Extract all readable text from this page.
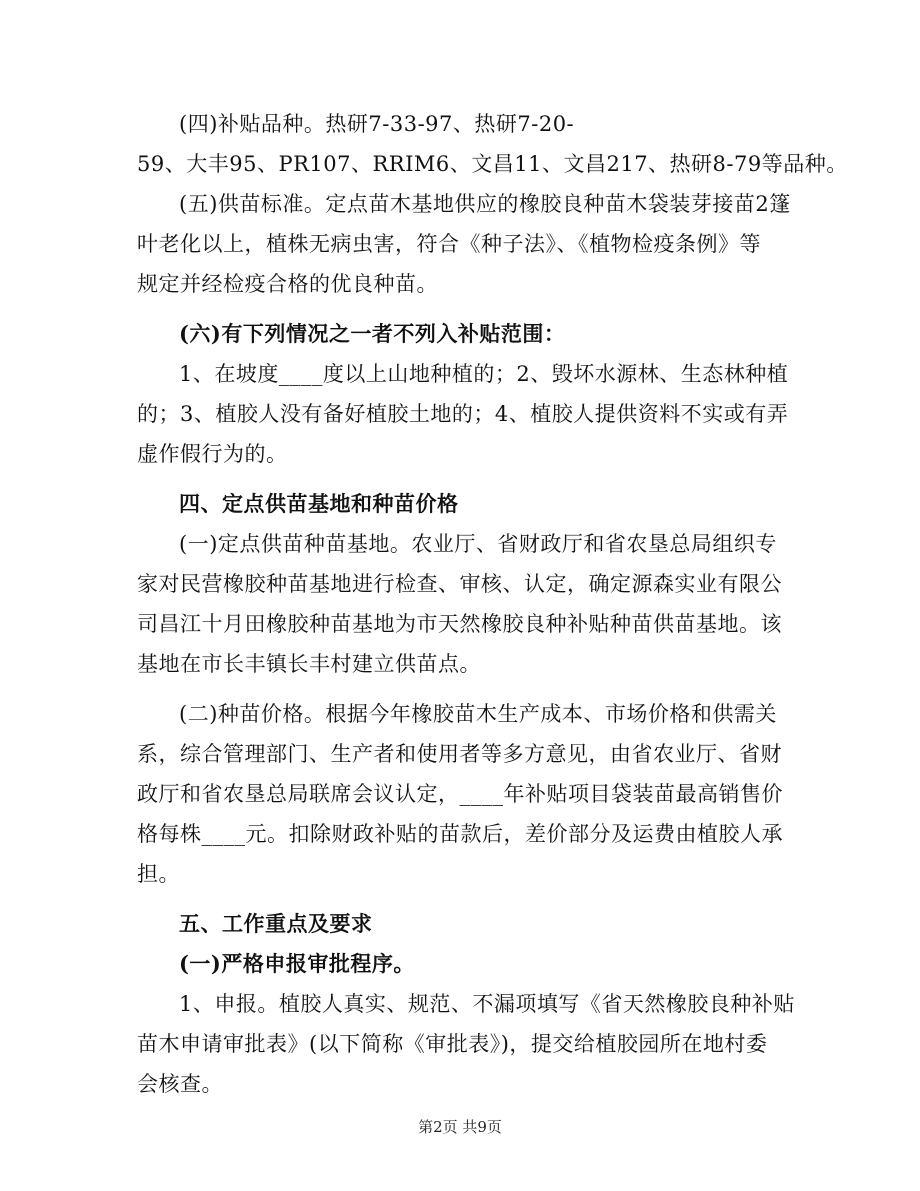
(四)补贴品种。热研7-33-97、热研7-20-
59、大丰95、PR107、RRIM6、文昌11、文昌217、热研8-79等品种。
(五)供苗标准。定点苗木基地供应的橡胶良种苗木袋装芽接苗2篷
叶老化以上，植株无病虫害，符合《种子法》、《植物检疫条例》等
规定并经检疫合格的优良种苗。
(六)有下列情况之一者不列入补贴范围：
1、在坡度____度以上山地种植的；2、毁坏水源林、生态林种植
的；3、植胶人没有备好植胶土地的；4、植胶人提供资料不实或有弄
虚作假行为的。
四、定点供苗基地和种苗价格
(一)定点供苗种苗基地。农业厅、省财政厅和省农垦总局组织专
家对民营橡胶种苗基地进行检查、审核、认定，确定源森实业有限公
司昌江十月田橡胶种苗基地为市天然橡胶良种补贴种苗供苗基地。该
基地在市长丰镇长丰村建立供苗点。
(二)种苗价格。根据今年橡胶苗木生产成本、市场价格和供需关
系，综合管理部门、生产者和使用者等多方意见，由省农业厅、省财
政厅和省农垦总局联席会议认定，____年补贴项目袋装苗最高销售价
格每株____元。扣除财政补贴的苗款后，差价部分及运费由植胶人承
担。
五、工作重点及要求
(一)严格申报审批程序。
1、申报。植胶人真实、规范、不漏项填写《省天然橡胶良种补贴
苗木申请审批表》(以下简称《审批表》)，提交给植胶园所在地村委
会核查。
第2页 共9页
